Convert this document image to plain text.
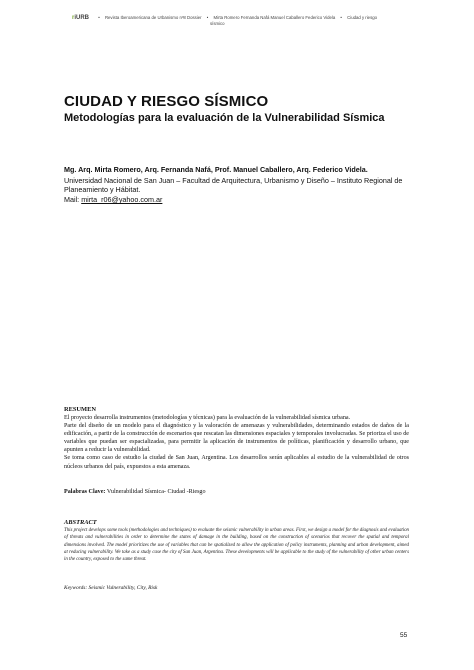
riURB • Revista Iberoamericana de Urbanismo nº8 Dossier • Mirta Romero Fernanda Nafá Manuel Caballero Federico Videla • Ciudad y riesgo
sísmico
CIUDAD Y RIESGO SÍSMICO
Metodologías para la evaluación de la Vulnerabilidad Sísmica
Mg. Arq. Mirta Romero, Arq. Fernanda Nafá, Prof. Manuel Caballero, Arq. Federico Videla.
Universidad Nacional de San Juan – Facultad de Arquitectura, Urbanismo y Diseño – Instituto Regional de Planeamiento y Hábitat.
Mail: mirta_r06@yahoo.com.ar
RESUMEN

El proyecto desarrolla instrumentos (metodologías y técnicas) para la evaluación de la vulnerabilidad sísmica urbana.

Parte del diseño de un modelo para el diagnóstico y la valoración de amenazas y vulnerabilidades, determinando estados de daños de la edificación, a partir de la construcción de escenarios que rescatan las dimensiones espaciales y temporales involucradas. Se prioriza el uso de variables que puedan ser espacializadas, para permitir la aplicación de instrumentos de políticas, planificación y desarrollo urbano, que apunten a reducir la vulnerabilidad.

Se toma como caso de estudio la ciudad de San Juan, Argentina. Los desarrollos serán aplicables al estudio de la vulnerabilidad de otros núcleos urbanos del país, expuestos a esta amenaza.

Palabras Clave: Vulnerabilidad Sísmica- Ciudad -Riesgo
ABSTRACT
This project develops some tools (methodologies and techniques) to evaluate the seismic vulnerability in urban areas. First, we design a model for the diagnosis and evaluation of threats and vulnerabilities in order to determine the states of damage in the building, based on the construction of scenarios that recover the spatial and temporal dimensions involved. The model prioritizes the use of variables that can be spatialized to allow the application of policy instruments, planning and urban development, aimed at reducing vulnerability. We take as a study case the city of San Juan, Argentina. These developments will be applicable to the study of the vulnerability of other urban centers in the country, exposed to the same threat.
Keywords: Seismic Vulnerability, City, Risk
55
